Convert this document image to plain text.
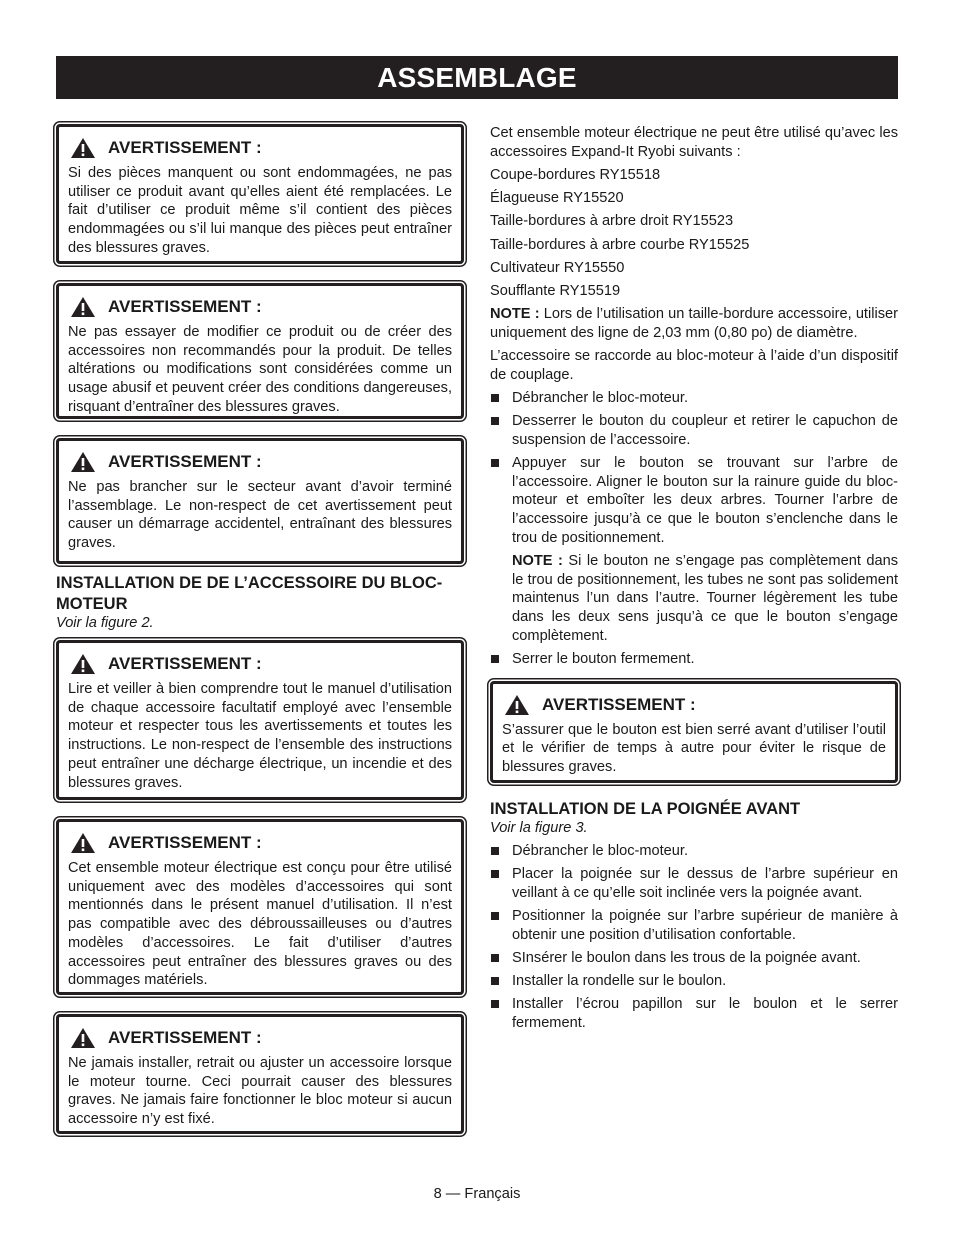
ASSEMBLAGE
AVERTISSEMENT :

Si des pièces manquent ou sont endommagées, ne pas utiliser ce produit avant qu’elles aient été remplacées. Le fait d’utiliser ce produit même s’il contient des pièces endommagées ou s’il lui manque des pièces peut entraîner des blessures graves.

AVERTISSEMENT :

Ne pas essayer de modifier ce produit ou de créer des accessoires non recommandés pour la produit. De telles altérations ou modifications sont considérées comme un usage abusif et peuvent créer des conditions dangereuses, risquant d’entraîner des blessures graves.

AVERTISSEMENT :

Ne pas brancher sur le secteur avant d’avoir terminé l’assemblage. Le non-respect de cet avertissement peut causer un démarrage accidentel, entraînant des blessures graves.

INSTALLATION DE DE L’ACCESSOIRE DU BLOC-MOTEUR

Voir la figure 2.

AVERTISSEMENT :

Lire et veiller à bien comprendre tout le manuel d’utilisation de chaque accessoire facultatif employé avec l’ensemble moteur et respecter tous les avertissements et toutes les instructions. Le non-respect de l’ensemble des instructions peut entraîner une décharge électrique, un incendie et des blessures graves.

AVERTISSEMENT :

Cet ensemble moteur électrique est conçu pour être utilisé uniquement avec des modèles d’accessoires qui sont mentionnés dans le présent manuel d’utilisation. Il n’est pas compatible avec des débroussailleuses ou d’autres modèles d’accessoires. Le fait d’utiliser d’autres accessoires peut entraîner des blessures graves ou des dommages matériels.

AVERTISSEMENT :

Ne jamais installer, retrait ou ajuster un accessoire lorsque le moteur tourne. Ceci pourrait causer des blessures graves. Ne jamais faire fonctionner le bloc moteur si aucun accessoire n’y est fixé.

Cet ensemble moteur électrique ne peut être utilisé qu’avec les accessoires Expand-It Ryobi suivants :

Coupe-bordures RY15518

Élagueuse RY15520

Taille-bordures à arbre droit RY15523

Taille-bordures à arbre courbe RY15525

Cultivateur RY15550

Soufflante RY15519

NOTE : Lors de l’utilisation un taille-bordure accessoire, utiliser uniquement des ligne de 2,03 mm (0,80 po) de diamètre.

L’accessoire se raccorde au bloc-moteur à l’aide d’un dispositif de couplage.

Débrancher le bloc-moteur.
Desserrer le bouton du coupleur et retirer le capuchon de suspension de l’accessoire.
Appuyer sur le bouton se trouvant sur l’arbre de l’accessoire. Aligner le bouton sur la rainure guide du bloc-moteur et emboîter les deux arbres. Tourner l’arbre de l’accessoire jusqu’à ce que le bouton s’enclenche dans le trou de positionnement.

NOTE : Si le bouton ne s’engage pas complètement dans le trou de positionnement, les tubes ne sont pas solidement maintenus l’un dans l’autre. Tourner légèrement les tube dans les deux sens jusqu’à ce que le bouton s’engage complètement.

Serrer le bouton fermement.
AVERTISSEMENT :

S’assurer que le bouton est bien serré avant d’utiliser l’outil et le vérifier de temps à autre pour éviter le risque de blessures graves.

INSTALLATION DE LA POIGNÉE AVANT

Voir la figure 3.

Débrancher le bloc-moteur.
Placer la poignée sur le dessus de l’arbre supérieur en veillant à ce qu’elle soit inclinée vers la poignée avant.
Positionner la poignée sur l’arbre supérieur de manière à obtenir une position d’utilisation confortable.
SInsérer le boulon dans les trous de la poignée avant.
Installer la rondelle sur le boulon.
Installer l’écrou papillon sur le boulon et le serrer fermement.
8 — Français
